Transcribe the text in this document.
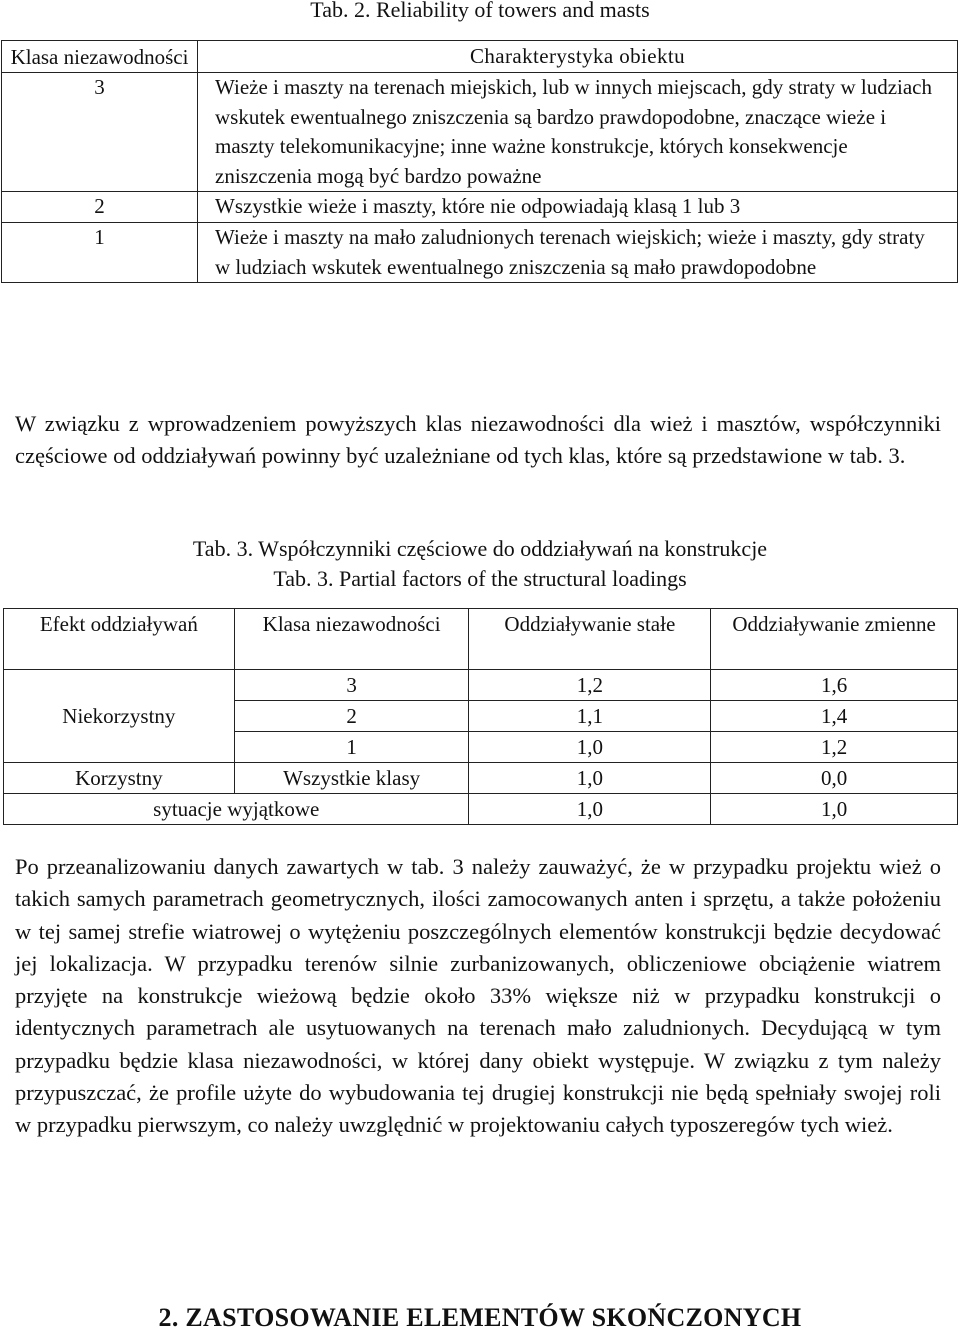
Tab. 2. Reliability of towers and masts
Klasa niezawodności	Charakterystyka obiektu
3	Wieże i maszty na terenach miejskich, lub w innych miejscach, gdy straty w ludziach wskutek ewentualnego zniszczenia są bardzo prawdopodobne, znaczące wieże i maszty telekomunikacyjne; inne ważne konstrukcje, których konsekwencje zniszczenia mogą być bardzo poważne
2	Wszystkie wieże i maszty, które nie odpowiadają klasą 1 lub 3
1	Wieże i maszty na mało zaludnionych terenach wiejskich; wieże i maszty, gdy straty w ludziach wskutek ewentualnego zniszczenia są mało prawdopodobne
W związku z wprowadzeniem powyższych klas niezawodności dla wież i masztów, współczynniki częściowe od oddziaływań powinny być uzależniane od tych klas, które są przedstawione w tab. 3.
Tab. 3. Współczynniki częściowe do oddziaływań na konstrukcje
Tab. 3. Partial factors of the structural loadings
Efekt oddziaływań	Klasa niezawodności	Oddziaływanie stałe	Oddziaływanie zmienne
Niekorzystny	3	1,2	1,6
	2	1,1	1,4
	1	1,0	1,2
Korzystny	Wszystkie klasy	1,0	0,0
sytuacje wyjątkowe		1,0	1,0
Po przeanalizowaniu danych zawartych w tab. 3 należy zauważyć, że w przypadku projektu wież o takich samych parametrach geometrycznych, ilości zamocowanych anten i sprzętu, a także położeniu w tej samej strefie wiatrowej o wytężeniu poszczególnych elementów konstrukcji będzie decydować jej lokalizacja. W przypadku terenów silnie zurbanizowanych, obliczeniowe obciążenie wiatrem przyjęte na konstrukcje wieżową będzie około 33% większe niż w przypadku konstrukcji o identycznych parametrach ale usytuowanych na terenach mało zaludnionych. Decydującą w tym przypadku będzie klasa niezawodności, w której dany obiekt występuje. W związku z tym należy przypuszczać, że profile użyte do wybudowania tej drugiej konstrukcji nie będą spełniały swojej roli w przypadku pierwszym, co należy uwzględnić w projektowaniu całych typoszeregów tych wież.
2. ZASTOSOWANIE ELEMENTÓW SKOŃCZONYCH
